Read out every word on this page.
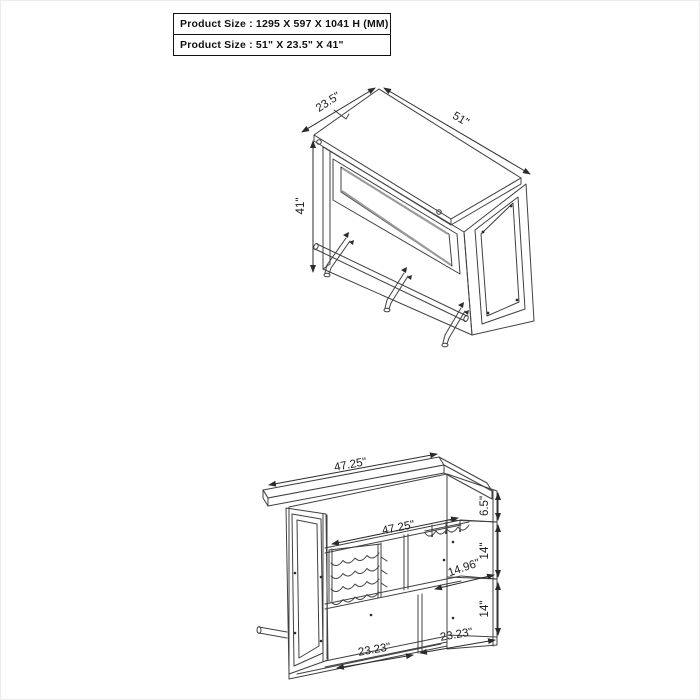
Product Size : 1295 X 597 X 1041 H (MM)
Product Size : 51" X 23.5" X 41"
23.5"
51"
41"
47.25"
47.25"
6.5"
14"
14.96"
14"
23.23"
23.23"
